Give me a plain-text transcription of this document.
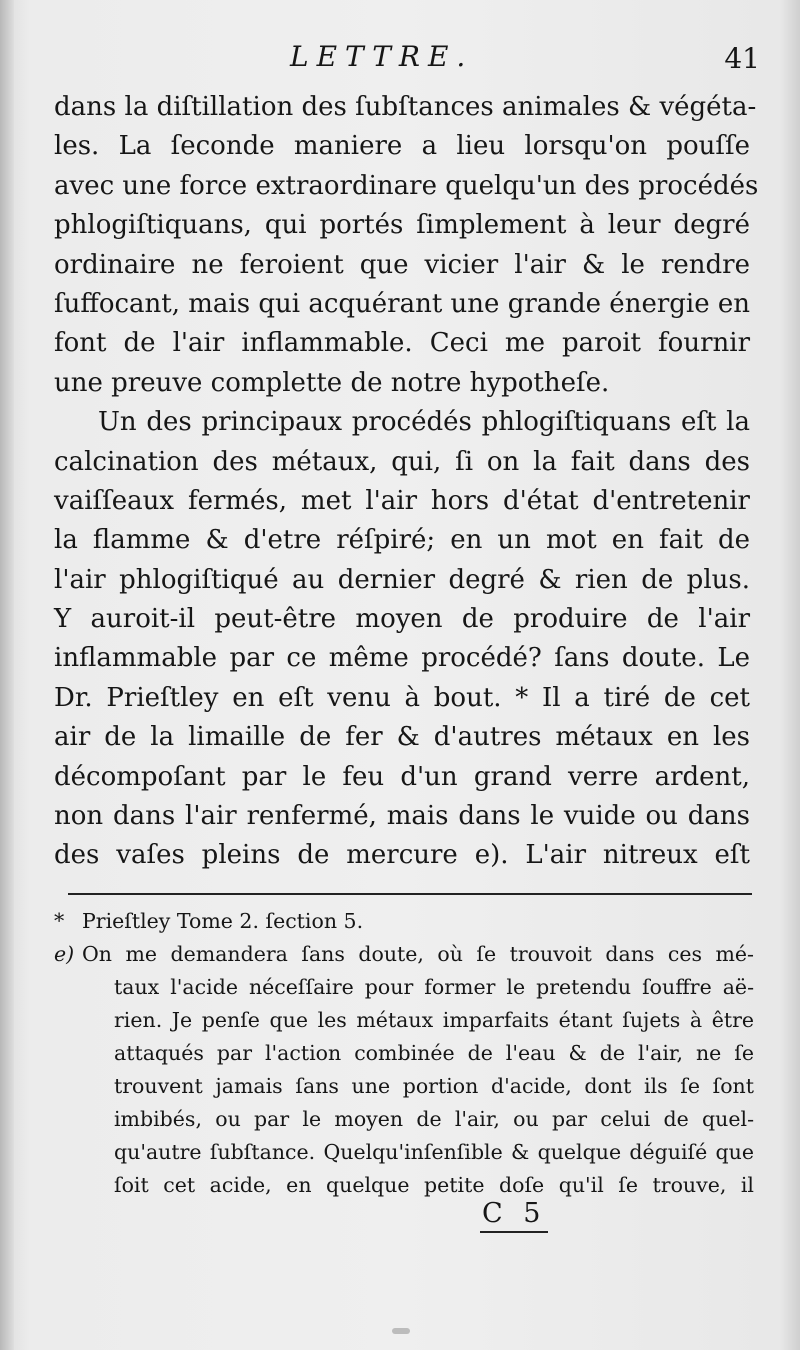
LETTRE.	41
dans la diſtillation des ſubſtances animales & végéta-
les. La ſeconde maniere a lieu lorsqu'on pouſſe
avec une force extraordinare quelqu'un des procédés
phlogiſtiquans, qui portés ſimplement à leur degré
ordinaire ne feroient que vicier l'air & le rendre
ſuffocant, mais qui acquérant une grande énergie en
font de l'air inflammable. Ceci me paroit fournir
une preuve complette de notre hypotheſe.
Un des principaux procédés phlogiſtiquans eſt la
calcination des métaux, qui, ſi on la fait dans des
vaiſſeaux fermés, met l'air hors d'état d'entretenir
la flamme & d'etre réſpiré; en un mot en fait de
l'air phlogiſtiqué au dernier degré & rien de plus.
Y auroit-il peut-être moyen de produire de l'air
inflammable par ce même procédé? ſans doute. Le
Dr. Prieſtley en eſt venu à bout. * Il a tiré de cet
air de la limaille de fer & d'autres métaux en les
décompoſant par le feu d'un grand verre ardent,
non dans l'air renfermé, mais dans le vuide ou dans
des vaſes pleins de mercure e). L'air nitreux eſt
* Prieſtley Tome 2. ſection 5.
e) On me demandera ſans doute, où ſe trouvoit dans ces mé-
taux l'acide néceſſaire pour former le pretendu ſouffre aë-
rien. Je penſe que les métaux imparfaits étant ſujets à être
attaqués par l'action combinée de l'eau & de l'air, ne ſe
trouvent jamais ſans une portion d'acide, dont ils ſe ſont
imbibés, ou par le moyen de l'air, ou par celui de quel-
qu'autre ſubſtance. Quelqu'inſenſible & quelque déguiſé que
ſoit cet acide, en quelque petite doſe qu'il ſe trouve, il
C 5
